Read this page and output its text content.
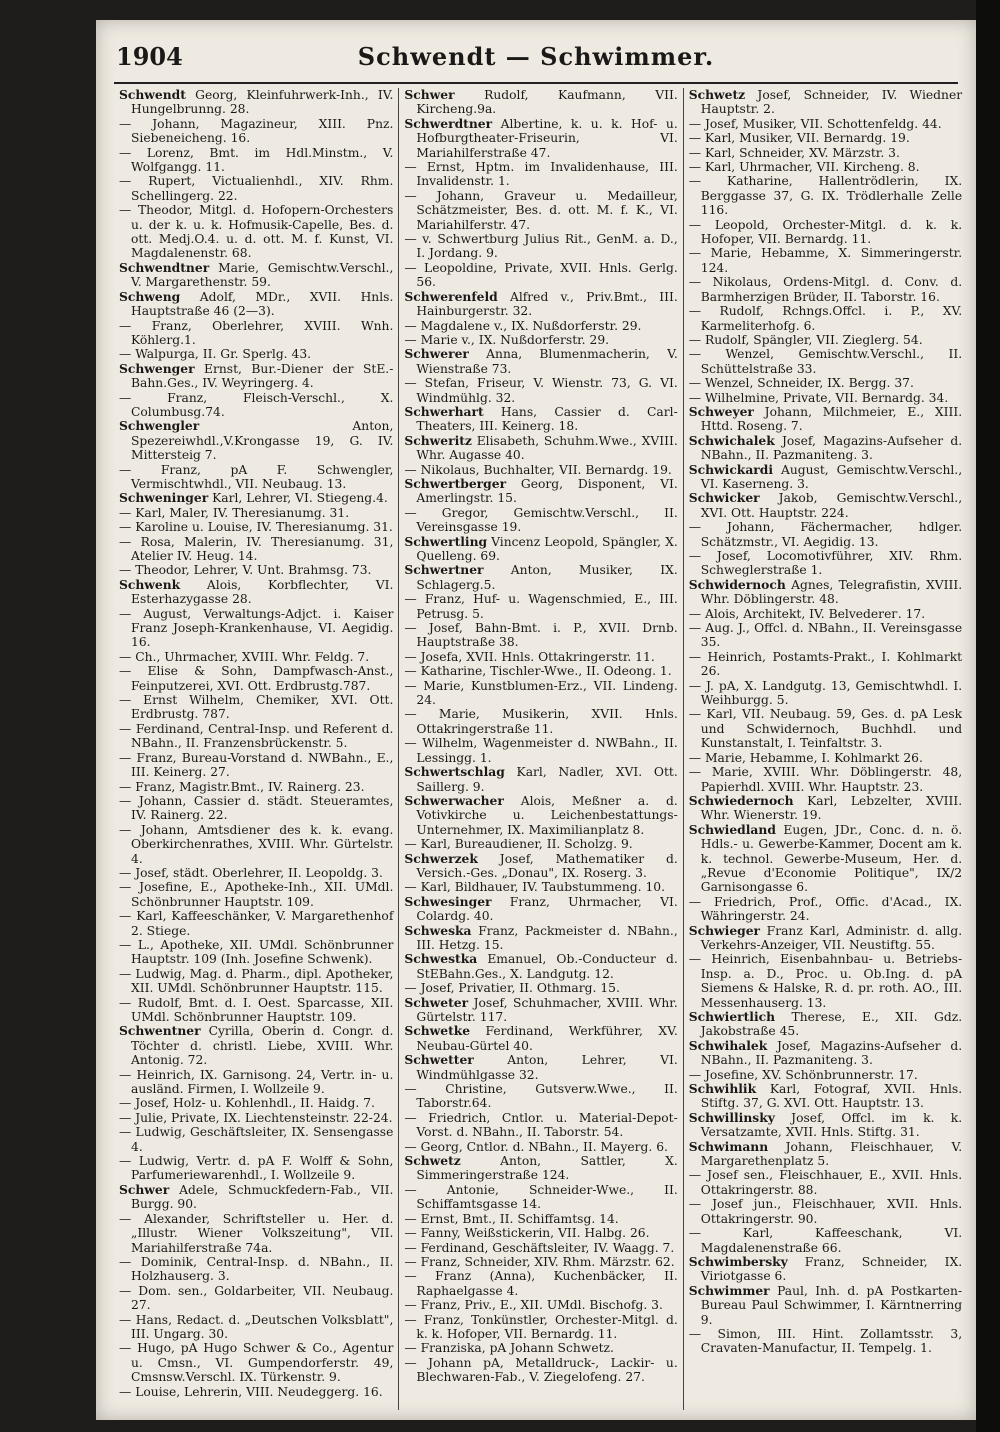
1904	Schwendt — Schwimmer.

Schwendt Georg, Kleinfuhrwerk-Inh., IV. Hungelbrunng. 28.

— Johann, Magazineur, XIII. Pnz. Siebeneicheng. 16.

— Lorenz, Bmt. im Hdl.Minstm., V. Wolfgangg. 11.

— Rupert, Victualienhdl., XIV. Rhm. Schellingerg. 22.

— Theodor, Mitgl. d. Hofopern-Orchesters u. der k. u. k. Hofmusik-Capelle, Bes. d. ott. Medj.O.4. u. d. ott. M. f. Kunst, VI. Magdalenenstr. 68.

Schwendtner Marie, Gemischtw.Verschl., V. Margarethenstr. 59.

Schweng Adolf, MDr., XVII. Hnls. Hauptstraße 46 (2—3).

— Franz, Oberlehrer, XVIII. Wnh. Köhlerg.1.

— Walpurga, II. Gr. Sperlg. 43.

Schwenger Ernst, Bur.-Diener der StE.-Bahn.Ges., IV. Weyringerg. 4.

— Franz, Fleisch-Verschl., X. Columbusg.74.

Schwengler Anton, Spezereiwhdl.,V.Krongasse 19, G. IV. Mittersteig 7.

— Franz, pA F. Schwengler, Vermischtwhdl., VII. Neubaug. 13.

Schweninger Karl, Lehrer, VI. Stiegeng.4.

— Karl, Maler, IV. Theresianumg. 31.

— Karoline u. Louise, IV. Theresianumg. 31.

— Rosa, Malerin, IV. Theresianumg. 31, Atelier IV. Heug. 14.

— Theodor, Lehrer, V. Unt. Brahmsg. 73.

Schwenk Alois, Korbflechter, VI. Esterhazygasse 28.

— August, Verwaltungs-Adjct. i. Kaiser Franz Joseph-Krankenhause, VI. Aegidig. 16.

— Ch., Uhrmacher, XVIII. Whr. Feldg. 7.

— Elise & Sohn, Dampfwasch-Anst., Feinputzerei, XVI. Ott. Erdbrustg.787.

— Ernst Wilhelm, Chemiker, XVI. Ott. Erdbrustg. 787.

— Ferdinand, Central-Insp. und Referent d. NBahn., II. Franzensbrückenstr. 5.

— Franz, Bureau-Vorstand d. NWBahn., E., III. Keinerg. 27.

— Franz, Magistr.Bmt., IV. Rainerg. 23.

— Johann, Cassier d. städt. Steueramtes, IV. Rainerg. 22.

— Johann, Amtsdiener des k. k. evang. Oberkirchenrathes, XVIII. Whr. Gürtelstr. 4.

— Josef, städt. Oberlehrer, II. Leopoldg. 3.

— Josefine, E., Apotheke-Inh., XII. UMdl. Schönbrunner Hauptstr. 109.

— Karl, Kaffeeschänker, V. Margarethenhof 2. Stiege.

— L., Apotheke, XII. UMdl. Schönbrunner Hauptstr. 109 (Inh. Josefine Schwenk).

— Ludwig, Mag. d. Pharm., dipl. Apotheker, XII. UMdl. Schönbrunner Hauptstr. 115.

— Rudolf, Bmt. d. I. Oest. Sparcasse, XII. UMdl. Schönbrunner Hauptstr. 109.

Schwentner Cyrilla, Oberin d. Congr. d. Töchter d. christl. Liebe, XVIII. Whr. Antonig. 72.

— Heinrich, IX. Garnisong. 24, Vertr. in- u. ausländ. Firmen, I. Wollzeile 9.

— Josef, Holz- u. Kohlenhdl., II. Haidg. 7.

— Julie, Private, IX. Liechtensteinstr. 22-24.

— Ludwig, Geschäftsleiter, IX. Sensengasse 4.

— Ludwig, Vertr. d. pA F. Wolff & Sohn, Parfumeriewarenhdl., I. Wollzeile 9.

Schwer Adele, Schmuckfedern-Fab., VII. Burgg. 90.

— Alexander, Schriftsteller u. Her. d. „Illustr. Wiener Volkszeitung", VII. Mariahilferstraße 74a.

— Dominik, Central-Insp. d. NBahn., II. Holzhauserg. 3.

— Dom. sen., Goldarbeiter, VII. Neubaug. 27.

— Hans, Redact. d. „Deutschen Volksblatt", III. Ungarg. 30.

— Hugo, pA Hugo Schwer & Co., Agentur u. Cmsn., VI. Gumpendorferstr. 49, Cmsnsw.Verschl. IX. Türkenstr. 9.

— Louise, Lehrerin, VIII. Neudeggerg. 16.

Schwer Rudolf, Kaufmann, VII. Kircheng.9a.

Schwerdtner Albertine, k. u. k. Hof- u. Hofburgtheater-Friseurin, VI. Mariahilferstraße 47.

— Ernst, Hptm. im Invalidenhause, III. Invalidenstr. 1.

— Johann, Graveur u. Medailleur, Schätzmeister, Bes. d. ott. M. f. K., VI. Mariahilferstr. 47.

— v. Schwertburg Julius Rit., GenM. a. D., I. Jordang. 9.

— Leopoldine, Private, XVII. Hnls. Gerlg. 56.

Schwerenfeld Alfred v., Priv.Bmt., III. Hainburgerstr. 32.

— Magdalene v., IX. Nußdorferstr. 29.

— Marie v., IX. Nußdorferstr. 29.

Schwerer Anna, Blumenmacherin, V. Wienstraße 73.

— Stefan, Friseur, V. Wienstr. 73, G. VI. Windmühlg. 32.

Schwerhart Hans, Cassier d. Carl-Theaters, III. Keinerg. 18.

Schweritz Elisabeth, Schuhm.Wwe., XVIII. Whr. Augasse 40.

— Nikolaus, Buchhalter, VII. Bernardg. 19.

Schwertberger Georg, Disponent, VI. Amerlingstr. 15.

— Gregor, Gemischtw.Verschl., II. Vereinsgasse 19.

Schwertling Vincenz Leopold, Spängler, X. Quelleng. 69.

Schwertner Anton, Musiker, IX. Schlagerg.5.

— Franz, Huf- u. Wagenschmied, E., III. Petrusg. 5.

— Josef, Bahn-Bmt. i. P., XVII. Drnb. Hauptstraße 38.

— Josefa, XVII. Hnls. Ottakringerstr. 11.

— Katharine, Tischler-Wwe., II. Odeong. 1.

— Marie, Kunstblumen-Erz., VII. Lindeng. 24.

— Marie, Musikerin, XVII. Hnls. Ottakringerstraße 11.

— Wilhelm, Wagenmeister d. NWBahn., II. Lessingg. 1.

Schwertschlag Karl, Nadler, XVI. Ott. Saillerg. 9.

Schwerwacher Alois, Meßner a. d. Votivkirche u. Leichenbestattungs-Unternehmer, IX. Maximilianplatz 8.

— Karl, Bureaudiener, II. Scholzg. 9.

Schwerzek Josef, Mathematiker d. Versich.-Ges. „Donau", IX. Roserg. 3.

— Karl, Bildhauer, IV. Taubstummeng. 10.

Schwesinger Franz, Uhrmacher, VI. Colardg. 40.

Schweska Franz, Packmeister d. NBahn., III. Hetzg. 15.

Schwestka Emanuel, Ob.-Conducteur d. StEBahn.Ges., X. Landgutg. 12.

— Josef, Privatier, II. Othmarg. 15.

Schweter Josef, Schuhmacher, XVIII. Whr. Gürtelstr. 117.

Schwetke Ferdinand, Werkführer, XV. Neubau-Gürtel 40.

Schwetter Anton, Lehrer, VI. Windmühlgasse 32.

— Christine, Gutsverw.Wwe., II. Taborstr.64.

— Friedrich, Cntlor. u. Material-Depot-Vorst. d. NBahn., II. Taborstr. 54.

— Georg, Cntlor. d. NBahn., II. Mayerg. 6.

Schwetz Anton, Sattler, X. Simmeringerstraße 124.

— Antonie, Schneider-Wwe., II. Schiffamtsgasse 14.

— Ernst, Bmt., II. Schiffamtsg. 14.

— Fanny, Weißstickerin, VII. Halbg. 26.

— Ferdinand, Geschäftsleiter, IV. Waagg. 7.

— Franz, Schneider, XIV. Rhm. Märzstr. 62.

— Franz (Anna), Kuchenbäcker, II. Raphaelgasse 4.

— Franz, Priv., E., XII. UMdl. Bischofg. 3.

— Franz, Tonkünstler, Orchester-Mitgl. d. k. k. Hofoper, VII. Bernardg. 11.

— Franziska, pA Johann Schwetz.

— Johann pA, Metalldruck-, Lackir- u. Blechwaren-Fab., V. Ziegelofeng. 27.

Schwetz Josef, Schneider, IV. Wiedner Hauptstr. 2.

— Josef, Musiker, VII. Schottenfeldg. 44.

— Karl, Musiker, VII. Bernardg. 19.

— Karl, Schneider, XV. Märzstr. 3.

— Karl, Uhrmacher, VII. Kircheng. 8.

— Katharine, Hallentrödlerin, IX. Berggasse 37, G. IX. Trödlerhalle Zelle 116.

— Leopold, Orchester-Mitgl. d. k. k. Hofoper, VII. Bernardg. 11.

— Marie, Hebamme, X. Simmeringerstr. 124.

— Nikolaus, Ordens-Mitgl. d. Conv. d. Barmherzigen Brüder, II. Taborstr. 16.

— Rudolf, Rchngs.Offcl. i. P., XV. Karmeliterhofg. 6.

— Rudolf, Spängler, VII. Zieglerg. 54.

— Wenzel, Gemischtw.Verschl., II. Schüttelstraße 33.

— Wenzel, Schneider, IX. Bergg. 37.

— Wilhelmine, Private, VII. Bernardg. 34.

Schweyer Johann, Milchmeier, E., XIII. Httd. Roseng. 7.

Schwichalek Josef, Magazins-Aufseher d. NBahn., II. Pazmaniteng. 3.

Schwickardi August, Gemischtw.Verschl., VI. Kaserneng. 3.

Schwicker Jakob, Gemischtw.Verschl., XVI. Ott. Hauptstr. 224.

— Johann, Fächermacher, hdlger. Schätzmstr., VI. Aegidig. 13.

— Josef, Locomotivführer, XIV. Rhm. Schweglerstraße 1.

Schwidernoch Agnes, Telegrafistin, XVIII. Whr. Döblingerstr. 48.

— Alois, Architekt, IV. Belvederег. 17.

— Aug. J., Offcl. d. NBahn., II. Vereinsgasse 35.

— Heinrich, Postamts-Prakt., I. Kohlmarkt 26.

— J. pA, X. Landgutg. 13, Gemischtwhdl. I. Weihburgg. 5.

— Karl, VII. Neubaug. 59, Ges. d. pA Lesk und Schwidernoch, Buchhdl. und Kunstanstalt, I. Teinfaltstr. 3.

— Marie, Hebamme, I. Kohlmarkt 26.

— Marie, XVIII. Whr. Döblingerstr. 48, Papierhdl. XVIII. Whr. Hauptstr. 23.

Schwiedernoch Karl, Lebzelter, XVIII. Whr. Wienerstr. 19.

Schwiedland Eugen, JDr., Conc. d. n. ö. Hdls.- u. Gewerbe-Kammer, Docent am k. k. technol. Gewerbe-Museum, Her. d. „Revue d'Economie Politique", IX/2 Garnisongasse 6.

— Friedrich, Prof., Offic. d'Acad., IX. Währingerstr. 24.

Schwieger Franz Karl, Administr. d. allg. Verkehrs-Anzeiger, VII. Neustiftg. 55.

— Heinrich, Eisenbahnbau- u. Betriebs-Insp. a. D., Proc. u. Ob.Ing. d. pA Siemens & Halske, R. d. pr. roth. AO., III. Messenhauserg. 13.

Schwiertlich Therese, E., XII. Gdz. Jakobstraße 45.

Schwihalek Josef, Magazins-Aufseher d. NBahn., II. Pazmaniteng. 3.

— Josefine, XV. Schönbrunnerstr. 17.

Schwihlik Karl, Fotograf, XVII. Hnls. Stiftg. 37, G. XVI. Ott. Hauptstr. 13.

Schwillinsky Josef, Offcl. im k. k. Versatzamte, XVII. Hnls. Stiftg. 31.

Schwimann Johann, Fleischhauer, V. Margarethenplatz 5.

— Josef sen., Fleischhauer, E., XVII. Hnls. Ottakringerstr. 88.

— Josef jun., Fleischhauer, XVII. Hnls. Ottakringerstr. 90.

— Karl, Kaffeeschank, VI. Magdalenenstraße 66.

Schwimbersky Franz, Schneider, IX. Viriotgasse 6.

Schwimmer Paul, Inh. d. pA Postkarten-Bureau Paul Schwimmer, I. Kärntnerring 9.

— Simon, III. Hint. Zollamtsstr. 3, Cravaten-Manufactur, II. Tempelg. 1.
